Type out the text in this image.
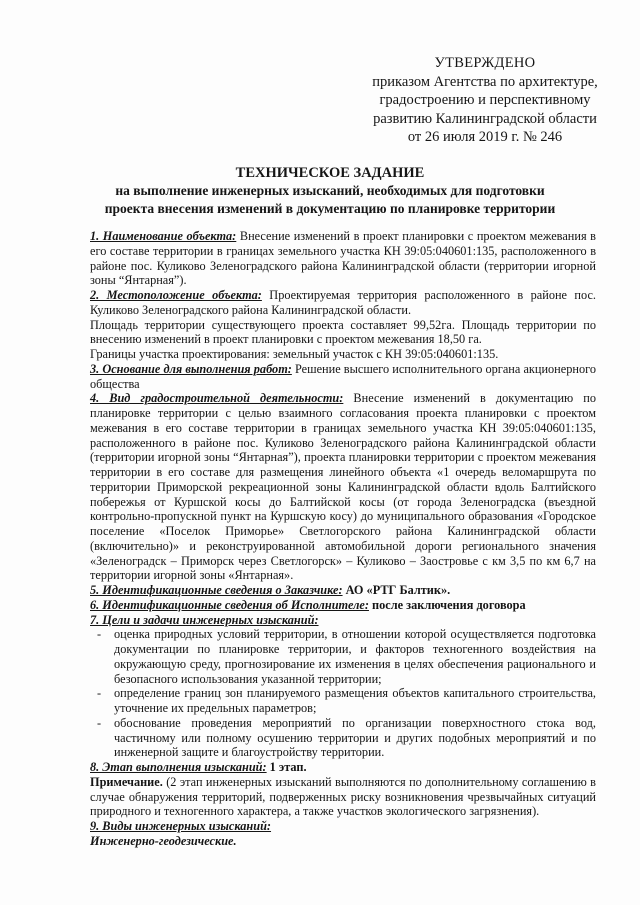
УТВЕРЖДЕНО
приказом Агентства по архитектуре,
градостроению и перспективному
развитию Калининградской области
от 26 июля 2019 г. № 246
ТЕХНИЧЕСКОЕ ЗАДАНИЕ
на выполнение инженерных изысканий, необходимых для подготовки
проекта внесения изменений в документацию по планировке территории

1. Наименование объекта: Внесение изменений в проект планировки с проектом межевания в его составе территории в границах земельного участка КН 39:05:040601:135, расположенного в районе пос. Куликово Зеленоградского района Калининградской области (территории игорной зоны “Янтарная”).

2. Местоположение объекта: Проектируемая территория расположенного в районе пос. Куликово Зеленоградского района Калининградской области.

Площадь территории существующего проекта составляет 99,52га. Площадь территории по внесению изменений в проект планировки с проектом межевания 18,50 га.

Границы участка проектирования: земельный участок с КН 39:05:040601:135.

3. Основание для выполнения работ: Решение высшего исполнительного органа акционерного общества

4. Вид градостроительной деятельности: Внесение изменений в документацию по планировке территории с целью взаимного согласования проекта планировки с проектом межевания в его составе территории в границах земельного участка КН 39:05:040601:135, расположенного в районе пос. Куликово Зеленоградского района Калининградской области (территории игорной зоны “Янтарная”), проекта планировки территории с проектом межевания территории в его составе для размещения линейного объекта «1 очередь веломаршрута по территории Приморской рекреационной зоны Калининградской области вдоль Балтийского побережья от Куршской косы до Балтийской косы (от города Зеленоградска (въездной контрольно-пропускной пункт на Куршскую косу) до муниципального образования «Городское поселение «Поселок Приморье» Светлогорского района Калининградской области (включительно)» и реконструированной автомобильной дороги регионального значения «Зеленоградск – Приморск через Светлогорск» – Куликово – Заостровье с км 3,5 по км 6,7 на территории игорной зоны «Янтарная».

5. Идентификационные сведения о Заказчике: АО «РТГ Балтик».

6. Идентификационные сведения об Исполнителе: после заключения договора

7. Цели и задачи инженерных изысканий:

- оценка природных условий территории, в отношении которой осуществляется подготовка документации по планировке территории, и факторов техногенного воздействия на окружающую среду, прогнозирование их изменения в целях обеспечения рационального и безопасного использования указанной территории;
- определение границ зон планируемого размещения объектов капитального строительства, уточнение их предельных параметров;
- обоснование проведения мероприятий по организации поверхностного стока вод, частичному или полному осушению территории и других подобных мероприятий и по инженерной защите и благоустройству территории.

8. Этап выполнения изысканий: 1 этап.

Примечание. (2 этап инженерных изысканий выполняются по дополнительному соглашению в случае обнаружения территорий, подверженных риску возникновения чрезвычайных ситуаций природного и техногенного характера, а также участков экологического загрязнения).

9. Виды инженерных изысканий:

Инженерно-геодезические.
